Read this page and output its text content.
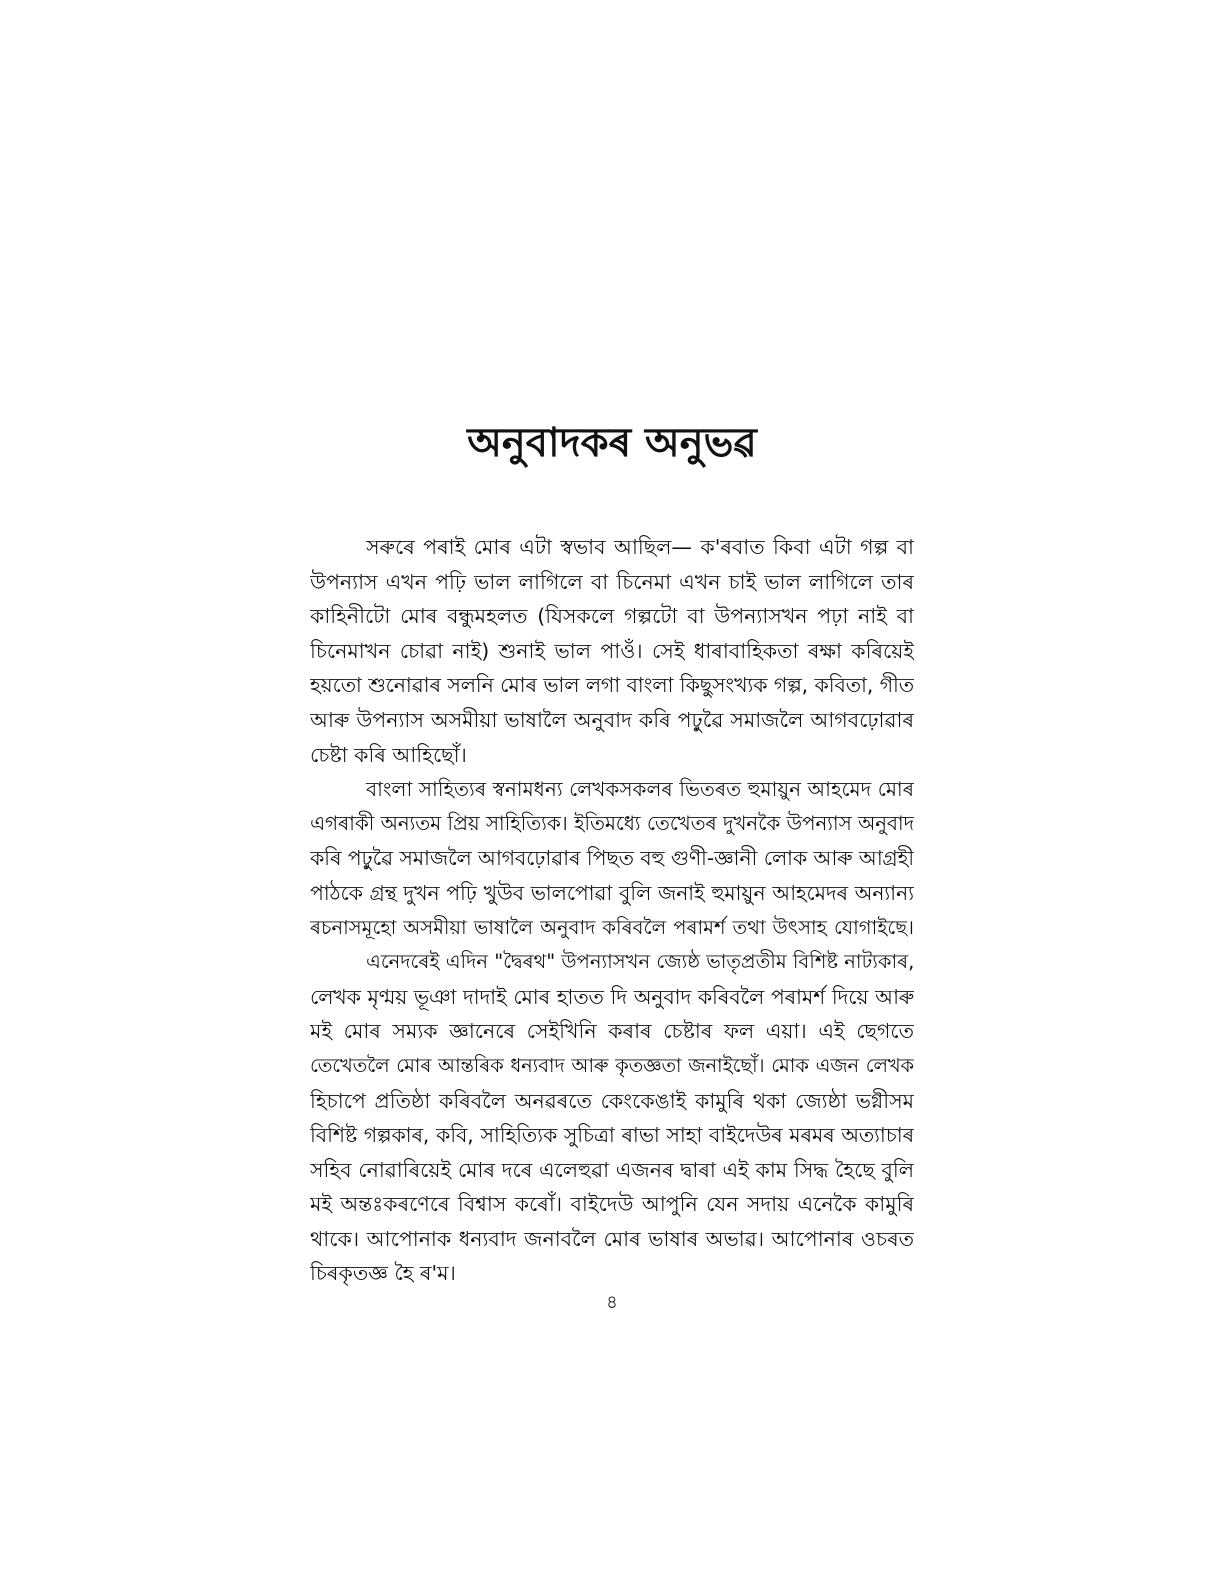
অনুবাদকৰ অনুভৱ

সৰুৰে পৰাই মোৰ এটা স্বভাব আছিল— ক'ৰবাত কিবা এটা গল্প বা
উপন্যাস এখন পঢ়ি ভাল লাগিলে বা চিনেমা এখন চাই ভাল লাগিলে তাৰ
কাহিনীটো মোৰ বন্ধুমহলত (যিসকলে গল্পটো বা উপন্যাসখন পঢ়া নাই বা
চিনেমাখন চোৱা নাই) শুনাই ভাল পাওঁ। সেই ধাৰাবাহিকতা ৰক্ষা কৰিয়েই
হয়তো শুনোৱাৰ সলনি মোৰ ভাল লগা বাংলা কিছুসংখ্যক গল্প, কবিতা, গীত
আৰু উপন্যাস অসমীয়া ভাষালৈ অনুবাদ কৰি পঢ়ুৱৈ সমাজলৈ আগবঢ়োৱাৰ
চেষ্টা কৰি আহিছোঁ।

বাংলা সাহিত্যৰ স্বনামধন্য লেখকসকলৰ ভিতৰত হুমায়ুন আহমেদ মোৰ
এগৰাকী অন্যতম প্ৰিয় সাহিত্যিক। ইতিমধ্যে তেখেতৰ দুখনকৈ উপন্যাস অনুবাদ
কৰি পঢ়ুৱৈ সমাজলৈ আগবঢ়োৱাৰ পিছত বহু গুণী-জ্ঞানী লোক আৰু আগ্ৰহী
পাঠকে গ্ৰন্থ দুখন পঢ়ি খুউব ভালপোৱা বুলি জনাই হুমায়ুন আহমেদৰ অন্যান্য
ৰচনাসমূহো অসমীয়া ভাষালৈ অনুবাদ কৰিবলৈ পৰামৰ্শ তথা উৎসাহ যোগাইছে।

এনেদৰেই এদিন "দ্বৈৰথ" উপন্যাসখন জ্যেষ্ঠ ভাতৃপ্ৰতীম বিশিষ্ট নাট্যকাৰ,
লেখক মৃণ্ময় ভূঞা দাদাই মোৰ হাতত দি অনুবাদ কৰিবলৈ পৰামৰ্শ দিয়ে আৰু
মই মোৰ সম্যক জ্ঞানেৰে সেইখিনি কৰাৰ চেষ্টাৰ ফল এয়া। এই ছেগতে
তেখেতলৈ মোৰ আন্তৰিক ধন্যবাদ আৰু কৃতজ্ঞতা জনাইছোঁ। মোক এজন লেখক
হিচাপে প্ৰতিষ্ঠা কৰিবলৈ অনৱৰতে কেংকেঙাই কামুৰি থকা জ্যেষ্ঠা ভগ্নীসম
বিশিষ্ট গল্পকাৰ, কবি, সাহিত্যিক সুচিত্ৰা ৰাভা সাহা বাইদেউৰ মৰমৰ অত্যাচাৰ
সহিব নোৱাৰিয়েই মোৰ দৰে এলেহুৱা এজনৰ দ্বাৰা এই কাম সিদ্ধ হৈছে বুলি
মই অন্তঃকৰণেৰে বিশ্বাস কৰোঁ। বাইদেউ আপুনি যেন সদায় এনেকৈ কামুৰি
থাকে। আপোনাক ধন্যবাদ জনাবলৈ মোৰ ভাষাৰ অভাৱ। আপোনাৰ ওচৰত
চিৰকৃতজ্ঞ হৈ ৰ'ম।

৪
